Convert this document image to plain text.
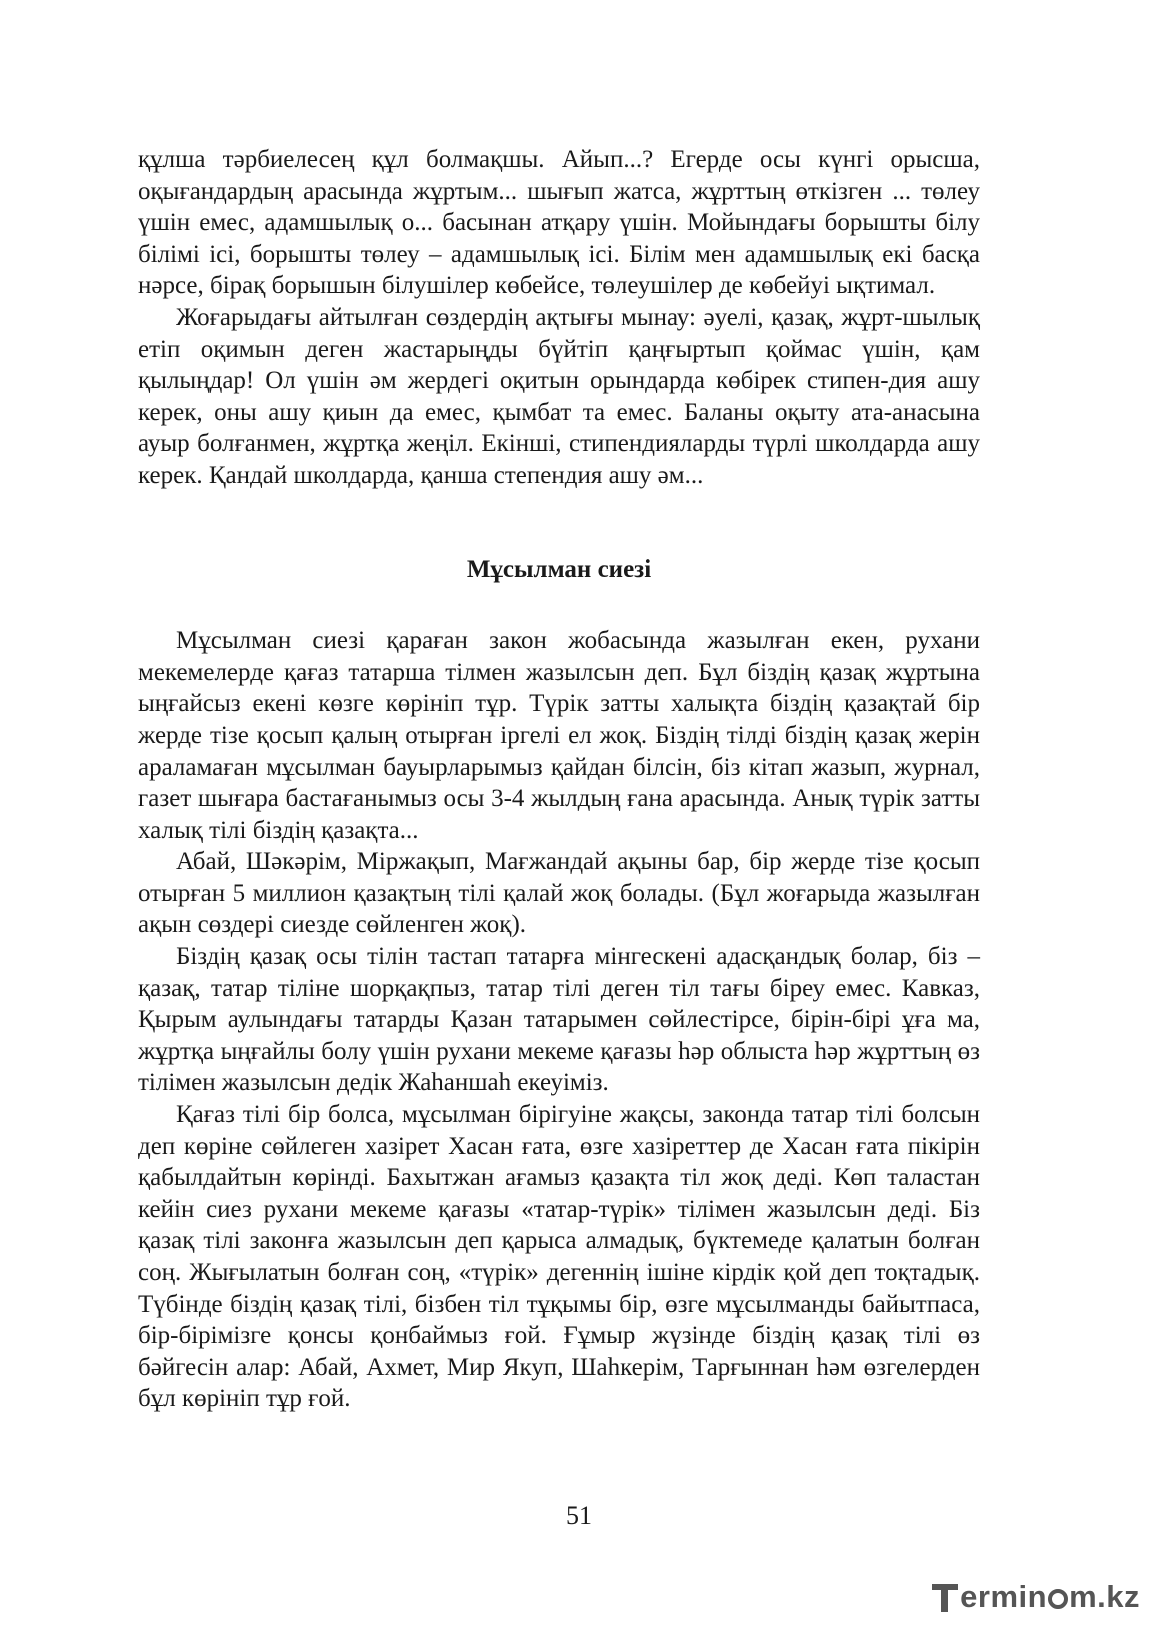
құлша тәрбиелесең құл болмақшы. Айып...? Егерде осы күнгі орысша, оқығандардың арасында жұртым... шығып жатса, жұрттың өткізген ... төлеу үшін емес, адамшылық о... басынан атқару үшін. Мойындағы борышты білу білімі ісі, борышты төлеу – адамшылық ісі. Білім мен адамшылық екі басқа нәрсе, бірақ борышын білушілер көбейсе, төлеушілер де көбейуі ықтимал.

Жоғарыдағы айтылған сөздердің ақтығы мынау: әуелі, қазақ, жұрт-шылық етіп оқимын деген жастарыңды бүйтіп қаңғыртып қоймас үшін, қам қылыңдар! Ол үшін әм жердегі оқитын орындарда көбірек стипен-дия ашу керек, оны ашу қиын да емес, қымбат та емес. Баланы оқыту ата-анасына ауыр болғанмен, жұртқа жеңіл. Екінші, стипендияларды түрлі школдарда ашу керек. Қандай школдарда, қанша степендия ашу әм...

Мұсылман сиезі

Мұсылман сиезі қараған закон жобасында жазылған екен, рухани мекемелерде қағаз татарша тілмен жазылсын деп. Бұл біздің қазақ жұртына ыңғайсыз екені көзге көрініп тұр. Түрік затты халықта біздің қазақтай бір жерде тізе қосып қалың отырған іргелі ел жоқ. Біздің тілді біздің қазақ жерін араламаған мұсылман бауырларымыз қайдан білсін, біз кітап жазып, журнал, газет шығара бастағанымыз осы 3-4 жылдың ғана арасында. Анық түрік затты халық тілі біздің қазақта...

Абай, Шәкәрім, Міржақып, Мағжандай ақыны бар, бір жерде тізе қосып отырған 5 миллион қазақтың тілі қалай жоқ болады. (Бұл жоғарыда жазылған ақын сөздері сиезде сөйленген жоқ).

Біздің қазақ осы тілін тастап татарға мінгескені адасқандық болар, біз – қазақ, татар тіліне шорқақпыз, татар тілі деген тіл тағы біреу емес. Кавказ, Қырым аулындағы татарды Қазан татарымен сөйлестірсе, бірін-бірі ұға ма, жұртқа ыңғайлы болу үшін рухани мекеме қағазы һәр облыста һәр жұрттың өз тілімен жазылсын дедік Жаһаншаһ екеуіміз.

Қағаз тілі бір болса, мұсылман бірігуіне жақсы, законда татар тілі болсын деп көріне сөйлеген хазірет Хасан ғата, өзге хазіреттер де Хасан ғата пікірін қабылдайтын көрінді. Бахытжан ағамыз қазақта тіл жоқ деді. Көп таластан кейін сиез рухани мекеме қағазы «татар-түрік» тілімен жазылсын деді. Біз қазақ тілі законға жазылсын деп қарыса алмадық, бүктемеде қалатын болған соң. Жығылатын болған соң, «түрік» дегеннің ішіне кірдік қой деп тоқтадық. Түбінде біздің қазақ тілі, бізбен тіл тұқымы бір, өзге мұсылманды байытпаса, бір-бірімізге қонсы қонбаймыз ғой. Ғұмыр жүзінде біздің қазақ тілі өз бәйгесін алар: Абай, Ахмет, Мир Якуп, Шаһкерім, Тарғыннан һәм өзгелерден бұл көрініп тұр ғой.

51
ermin m.kz
